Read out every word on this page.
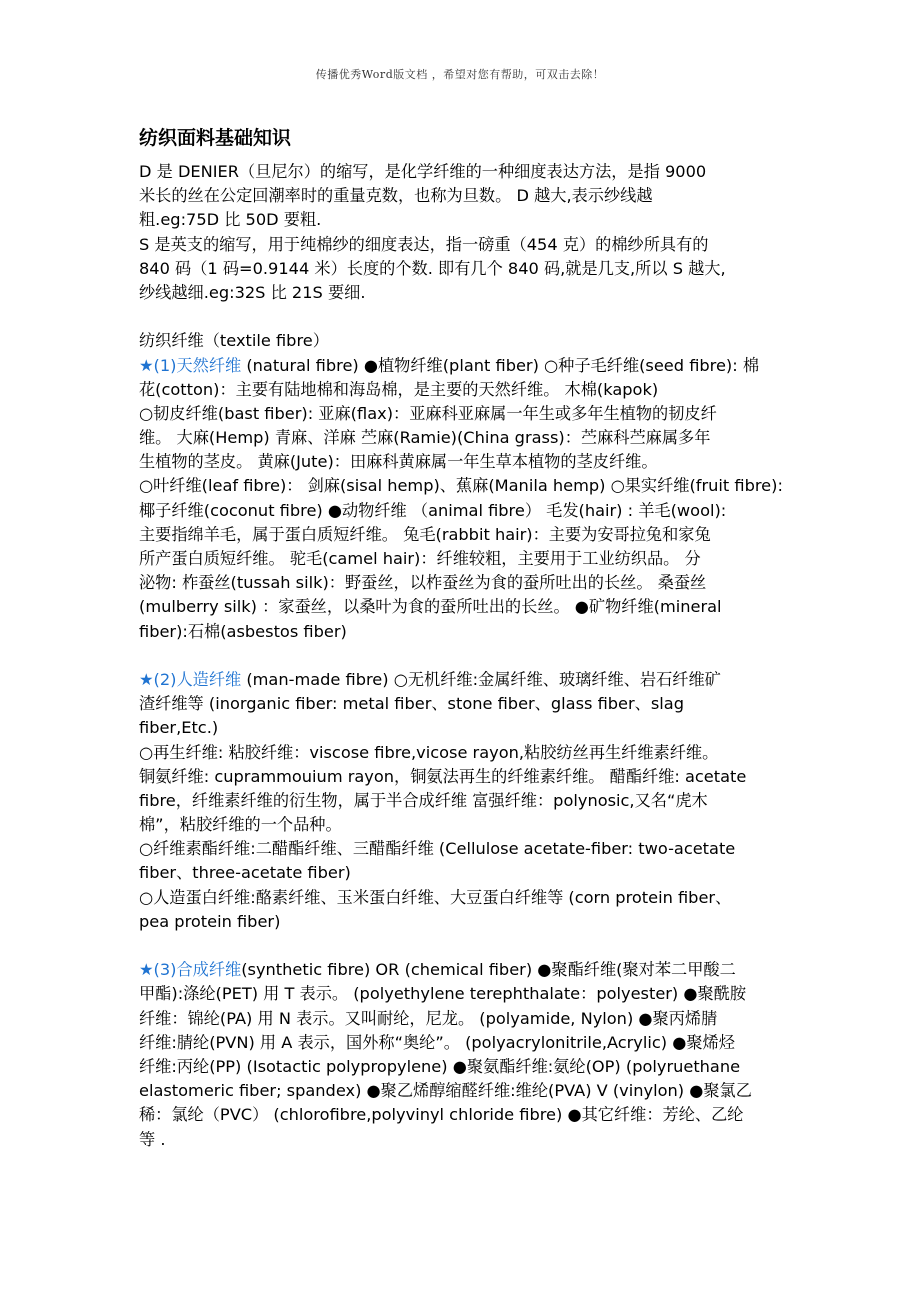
传播优秀Word版文档 ，希望对您有帮助，可双击去除！
纺织面料基础知识
D 是 DENIER（旦尼尔）的缩写，是化学纤维的一种细度表达方法，是指 9000
米长的丝在公定回潮率时的重量克数，也称为旦数。 D 越大,表示纱线越
粗.eg:75D 比 50D 要粗.
S 是英支的缩写，用于纯棉纱的细度表达，指一磅重（454 克）的棉纱所具有的
840 码（1 码=0.9144 米）长度的个数. 即有几个 840 码,就是几支,所以 S 越大,
纱线越细.eg:32S 比 21S 要细.
纺织纤维（textile fibre）
★(1)天然纤维 (natural fibre) ●植物纤维(plant fiber) ○种子毛纤维(seed fibre): 棉
花(cotton)：主要有陆地棉和海岛棉，是主要的天然纤维。 木棉(kapok)
○韧皮纤维(bast fiber): 亚麻(flax)：亚麻科亚麻属一年生或多年生植物的韧皮纤
维。 大麻(Hemp) 青麻、洋麻 苎麻(Ramie)(China grass)：苎麻科苎麻属多年
生植物的茎皮。 黄麻(Jute)：田麻科黄麻属一年生草本植物的茎皮纤维。
○叶纤维(leaf fibre)： 剑麻(sisal hemp)、蕉麻(Manila hemp) ○果实纤维(fruit fibre):
椰子纤维(coconut fibre) ●动物纤维 （animal fibre） 毛发(hair) : 羊毛(wool):
主要指绵羊毛，属于蛋白质短纤维。 兔毛(rabbit hair)：主要为安哥拉兔和家兔
所产蛋白质短纤维。 驼毛(camel hair)：纤维较粗，主要用于工业纺织品。 分
泌物: 柞蚕丝(tussah silk)：野蚕丝，以柞蚕丝为食的蚕所吐出的长丝。 桑蚕丝
(mulberry silk) ：家蚕丝，以桑叶为食的蚕所吐出的长丝。 ●矿物纤维(mineral
fiber):石棉(asbestos fiber)
★(2)人造纤维 (man-made fibre) ○无机纤维:金属纤维、玻璃纤维、岩石纤维矿
渣纤维等 (inorganic fiber: metal fiber、stone fiber、glass fiber、slag
fiber,Etc.)
○再生纤维: 粘胶纤维：viscose fibre,vicose rayon,粘胶纺丝再生纤维素纤维。
铜氨纤维: cuprammouium rayon，铜氨法再生的纤维素纤维。 醋酯纤维: acetate
fibre，纤维素纤维的衍生物，属于半合成纤维 富强纤维：polynosic,又名“虎木
棉”，粘胶纤维的一个品种。
○纤维素酯纤维:二醋酯纤维、三醋酯纤维 (Cellulose acetate-fiber: two-acetate
fiber、three-acetate fiber)
○人造蛋白纤维:酪素纤维、玉米蛋白纤维、大豆蛋白纤维等 (corn protein fiber、
pea protein fiber)
★(3)合成纤维(synthetic fibre) OR (chemical fiber) ●聚酯纤维(聚对苯二甲酸二
甲酯):涤纶(PET) 用 T 表示。 (polyethylene terephthalate：polyester) ●聚酰胺
纤维：锦纶(PA) 用 N 表示。又叫耐纶，尼龙。 (polyamide, Nylon) ●聚丙烯腈
纤维:腈纶(PVN) 用 A 表示，国外称“奥纶”。 (polyacrylonitrile,Acrylic) ●聚烯烃
纤维:丙纶(PP) (Isotactic polypropylene) ●聚氨酯纤维:氨纶(OP) (polyruethane
elastomeric fiber; spandex) ●聚乙烯醇缩醛纤维:维纶(PVA) V (vinylon) ●聚氯乙
稀：氯纶（PVC） (chlorofibre,polyvinyl chloride fibre) ●其它纤维：芳纶、乙纶
等 .
